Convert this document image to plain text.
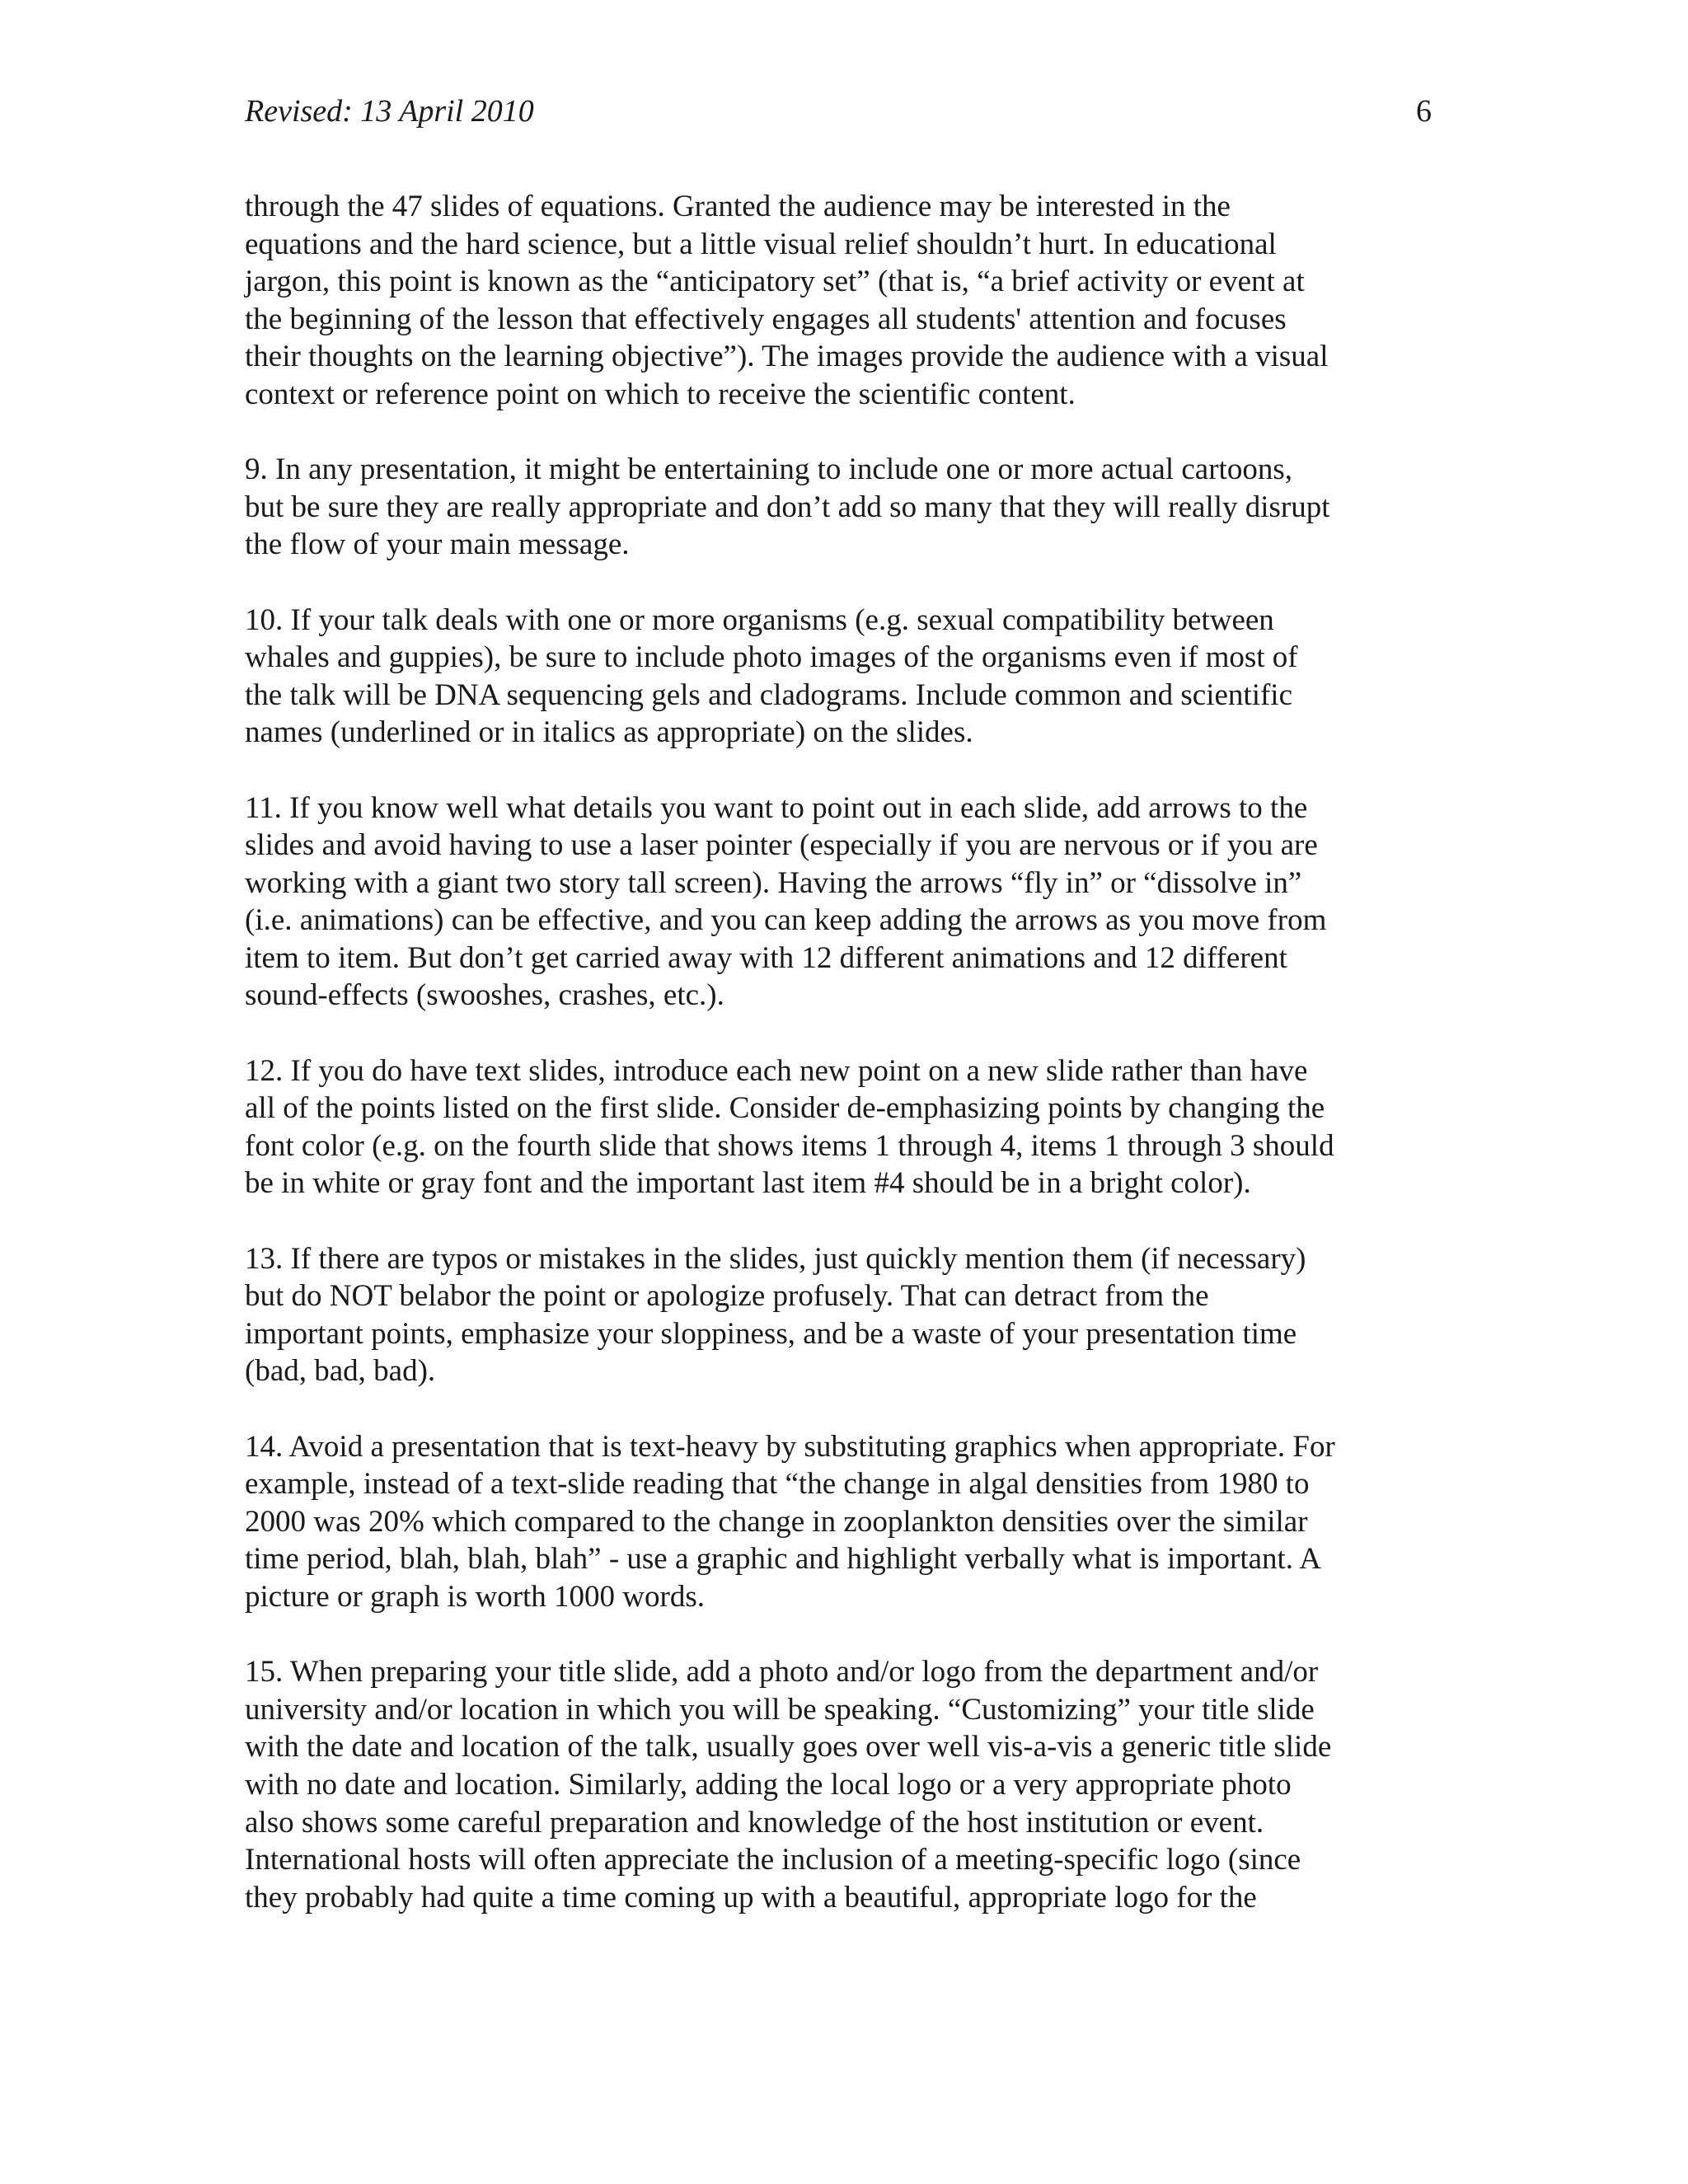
Revised: 13 April 2010	6
through the 47 slides of equations. Granted the audience may be interested in the
equations and the hard science, but a little visual relief shouldn’t hurt. In educational
jargon, this point is known as the “anticipatory set” (that is, “a brief activity or event at
the beginning of the lesson that effectively engages all students' attention and focuses
their thoughts on the learning objective”). The images provide the audience with a visual
context or reference point on which to receive the scientific content.
9. In any presentation, it might be entertaining to include one or more actual cartoons,
but be sure they are really appropriate and don’t add so many that they will really disrupt
the flow of your main message.
10. If your talk deals with one or more organisms (e.g. sexual compatibility between
whales and guppies), be sure to include photo images of the organisms even if most of
the talk will be DNA sequencing gels and cladograms. Include common and scientific
names (underlined or in italics as appropriate) on the slides.
11. If you know well what details you want to point out in each slide, add arrows to the
slides and avoid having to use a laser pointer (especially if you are nervous or if you are
working with a giant two story tall screen). Having the arrows “fly in” or “dissolve in”
(i.e. animations) can be effective, and you can keep adding the arrows as you move from
item to item. But don’t get carried away with 12 different animations and 12 different
sound-effects (swooshes, crashes, etc.).
12. If you do have text slides, introduce each new point on a new slide rather than have
all of the points listed on the first slide. Consider de-emphasizing points by changing the
font color (e.g. on the fourth slide that shows items 1 through 4, items 1 through 3 should
be in white or gray font and the important last item #4 should be in a bright color).
13. If there are typos or mistakes in the slides, just quickly mention them (if necessary)
but do NOT belabor the point or apologize profusely. That can detract from the
important points, emphasize your sloppiness, and be a waste of your presentation time
(bad, bad, bad).
14. Avoid a presentation that is text-heavy by substituting graphics when appropriate. For
example, instead of a text-slide reading that “the change in algal densities from 1980 to
2000 was 20% which compared to the change in zooplankton densities over the similar
time period, blah, blah, blah” - use a graphic and highlight verbally what is important. A
picture or graph is worth 1000 words.
15. When preparing your title slide, add a photo and/or logo from the department and/or
university and/or location in which you will be speaking. “Customizing” your title slide
with the date and location of the talk, usually goes over well vis-a-vis a generic title slide
with no date and location. Similarly, adding the local logo or a very appropriate photo
also shows some careful preparation and knowledge of the host institution or event.
International hosts will often appreciate the inclusion of a meeting-specific logo (since
they probably had quite a time coming up with a beautiful, appropriate logo for the
